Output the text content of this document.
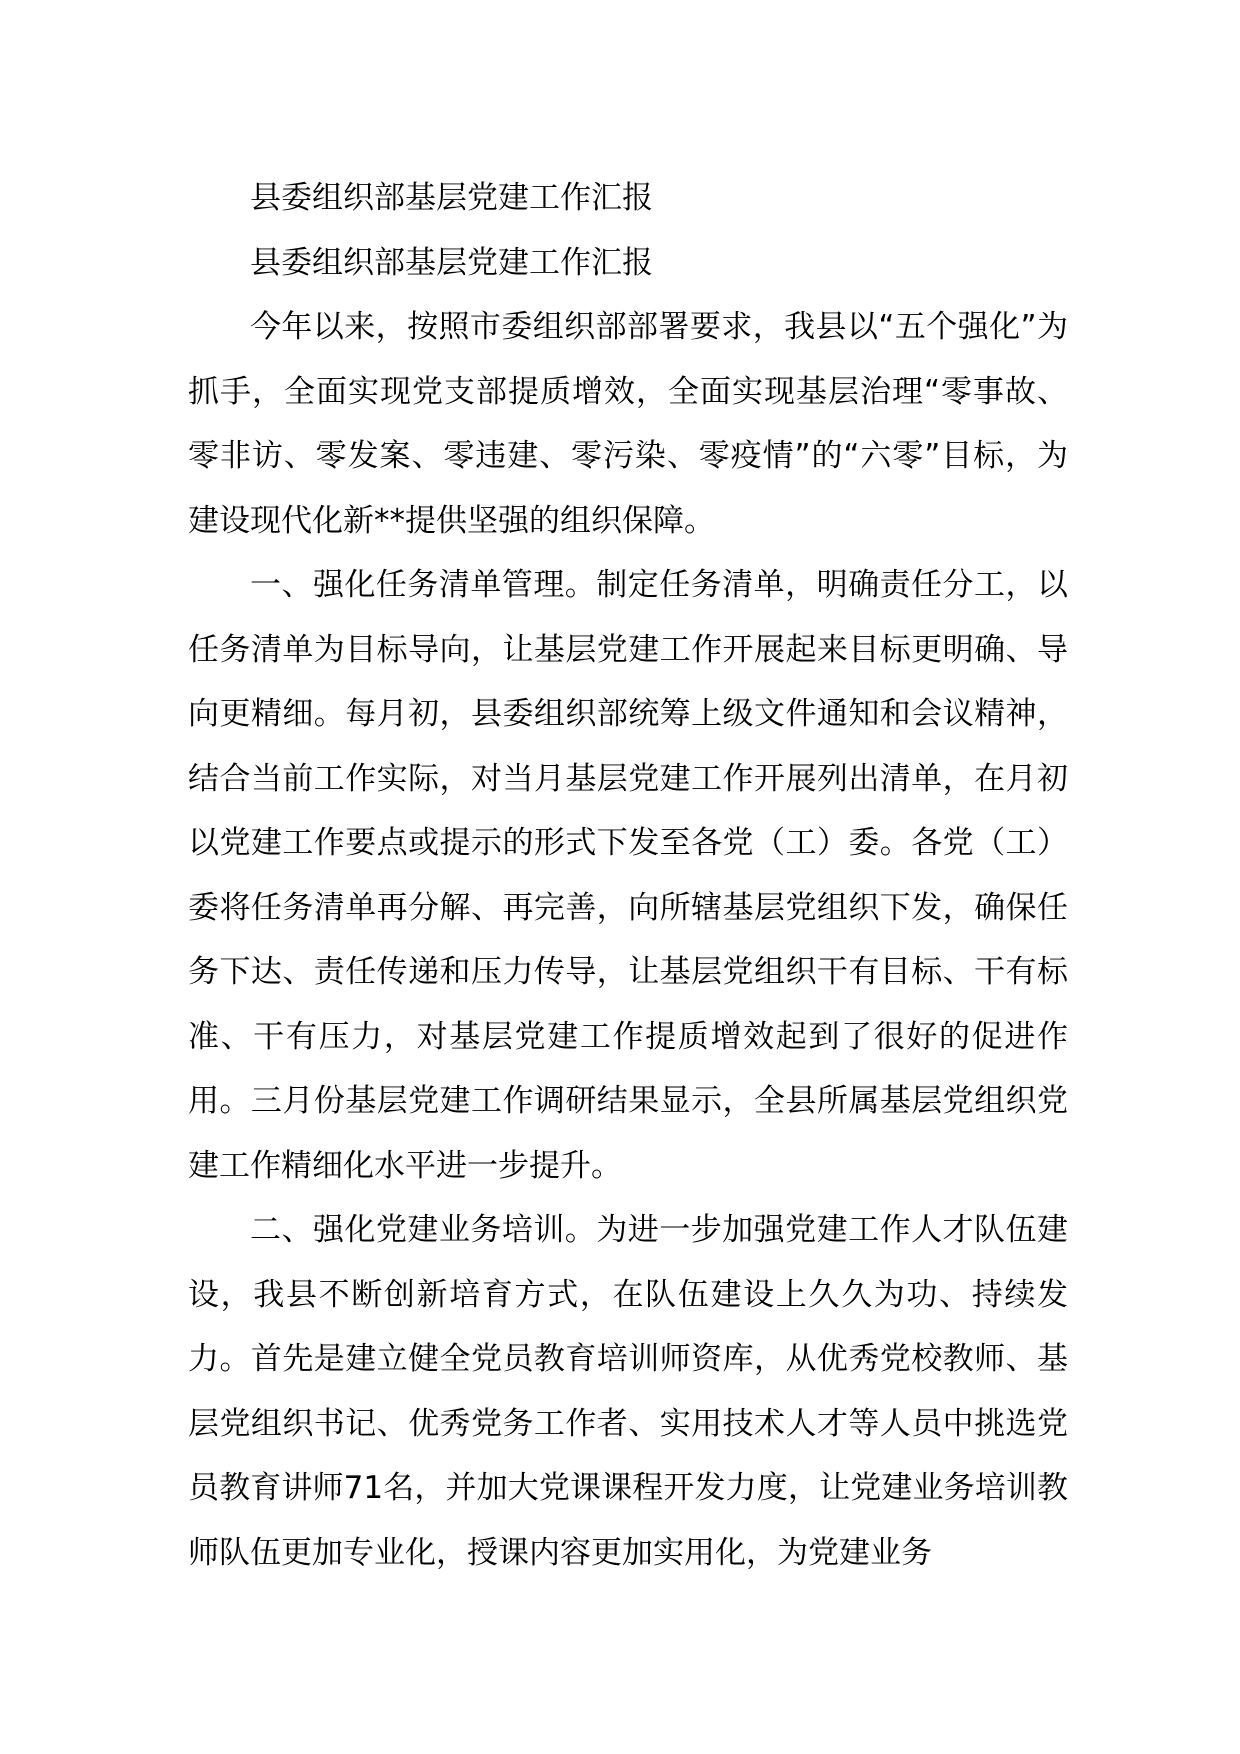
县委组织部基层党建工作汇报

县委组织部基层党建工作汇报

今年以来，按照市委组织部部署要求，我县以“五个强化”为抓手，全面实现党支部提质增效，全面实现基层治理“零事故、零非访、零发案、零违建、零污染、零疫情”的“六零”目标，为建设现代化新**提供坚强的组织保障。

一、强化任务清单管理。制定任务清单，明确责任分工，以任务清单为目标导向，让基层党建工作开展起来目标更明确、导向更精细。每月初，县委组织部统筹上级文件通知和会议精神，结合当前工作实际，对当月基层党建工作开展列出清单，在月初以党建工作要点或提示的形式下发至各党（工）委。各党（工）委将任务清单再分解、再完善，向所辖基层党组织下发，确保任务下达、责任传递和压力传导，让基层党组织干有目标、干有标准、干有压力，对基层党建工作提质增效起到了很好的促进作用。三月份基层党建工作调研结果显示，全县所属基层党组织党建工作精细化水平进一步提升。

二、强化党建业务培训。为进一步加强党建工作人才队伍建设，我县不断创新培育方式，在队伍建设上久久为功、持续发力。首先是建立健全党员教育培训师资库，从优秀党校教师、基层党组织书记、优秀党务工作者、实用技术人才等人员中挑选党员教育讲师71名，并加大党课课程开发力度，让党建业务培训教师队伍更加专业化，授课内容更加实用化，为党建业务
